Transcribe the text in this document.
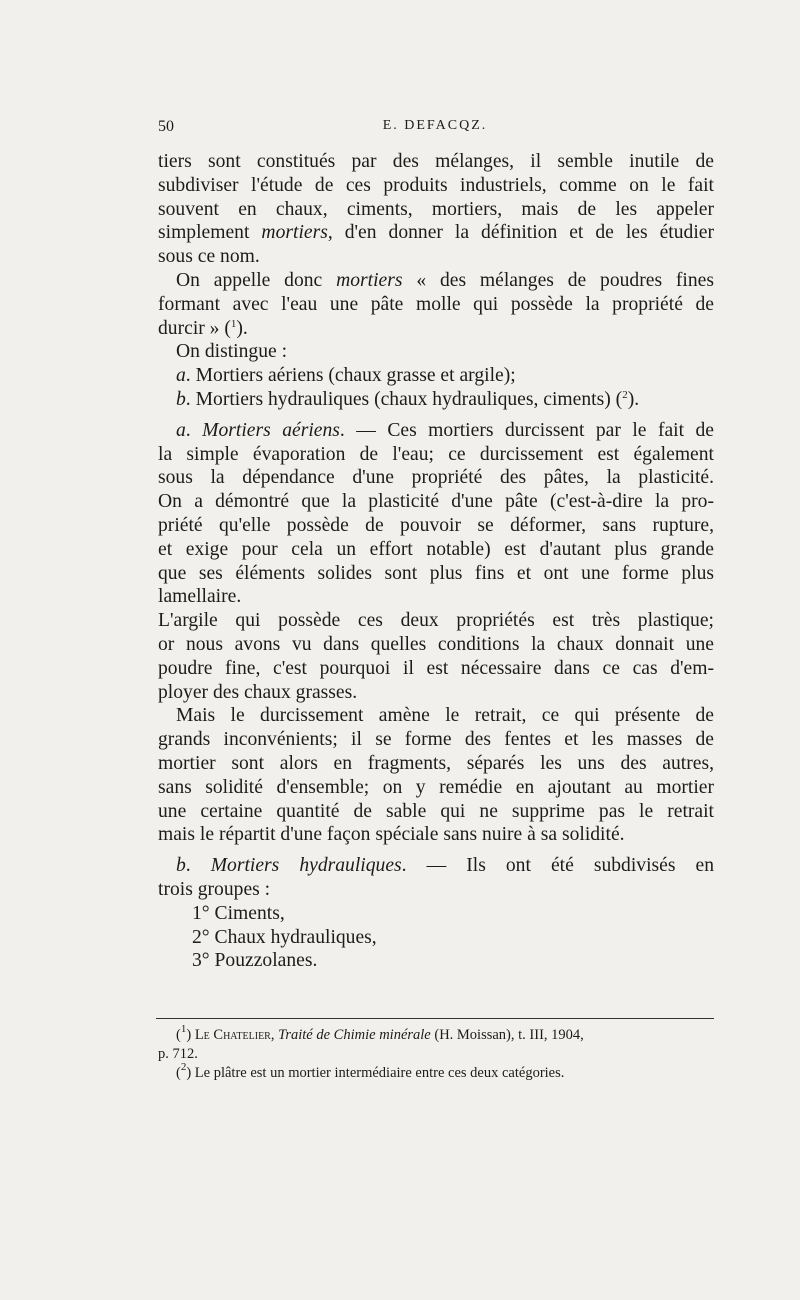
50	E. DEFACQZ.
tiers sont constitués par des mélanges, il semble inutile de
subdiviser l'étude de ces produits industriels, comme on le fait
souvent en chaux, ciments, mortiers, mais de les appeler
simplement mortiers, d'en donner la définition et de les étudier
sous ce nom.
On appelle donc mortiers « des mélanges de poudres fines
formant avec l'eau une pâte molle qui possède la propriété de
durcir » ($^1$).
On distingue :
a. Mortiers aériens (chaux grasse et argile);
b. Mortiers hydrauliques (chaux hydrauliques, ciments) ($^2$).
a. Mortiers aériens. — Ces mortiers durcissent par le fait de
la simple évaporation de l'eau; ce durcissement est également
sous la dépendance d'une propriété des pâtes, la plasticité.
On a démontré que la plasticité d'une pâte (c'est-à-dire la pro-
priété qu'elle possède de pouvoir se déformer, sans rupture,
et exige pour cela un effort notable) est d'autant plus grande
que ses éléments solides sont plus fins et ont une forme plus
lamellaire.
L'argile qui possède ces deux propriétés est très plastique;
or nous avons vu dans quelles conditions la chaux donnait une
poudre fine, c'est pourquoi il est nécessaire dans ce cas d'em-
ployer des chaux grasses.
Mais le durcissement amène le retrait, ce qui présente de
grands inconvénients; il se forme des fentes et les masses de
mortier sont alors en fragments, séparés les uns des autres,
sans solidité d'ensemble; on y remédie en ajoutant au mortier
une certaine quantité de sable qui ne supprime pas le retrait
mais le répartit d'une façon spéciale sans nuire à sa solidité.
b. Mortiers hydrauliques. — Ils ont été subdivisés en
trois groupes :
1° Ciments,
2° Chaux hydrauliques,
3° Pouzzolanes.
($^1$) Le Chatelier, Traité de Chimie minérale (H. Moissan), t. III, 1904,
p. 712.
($^2$) Le plâtre est un mortier intermédiaire entre ces deux catégories.
